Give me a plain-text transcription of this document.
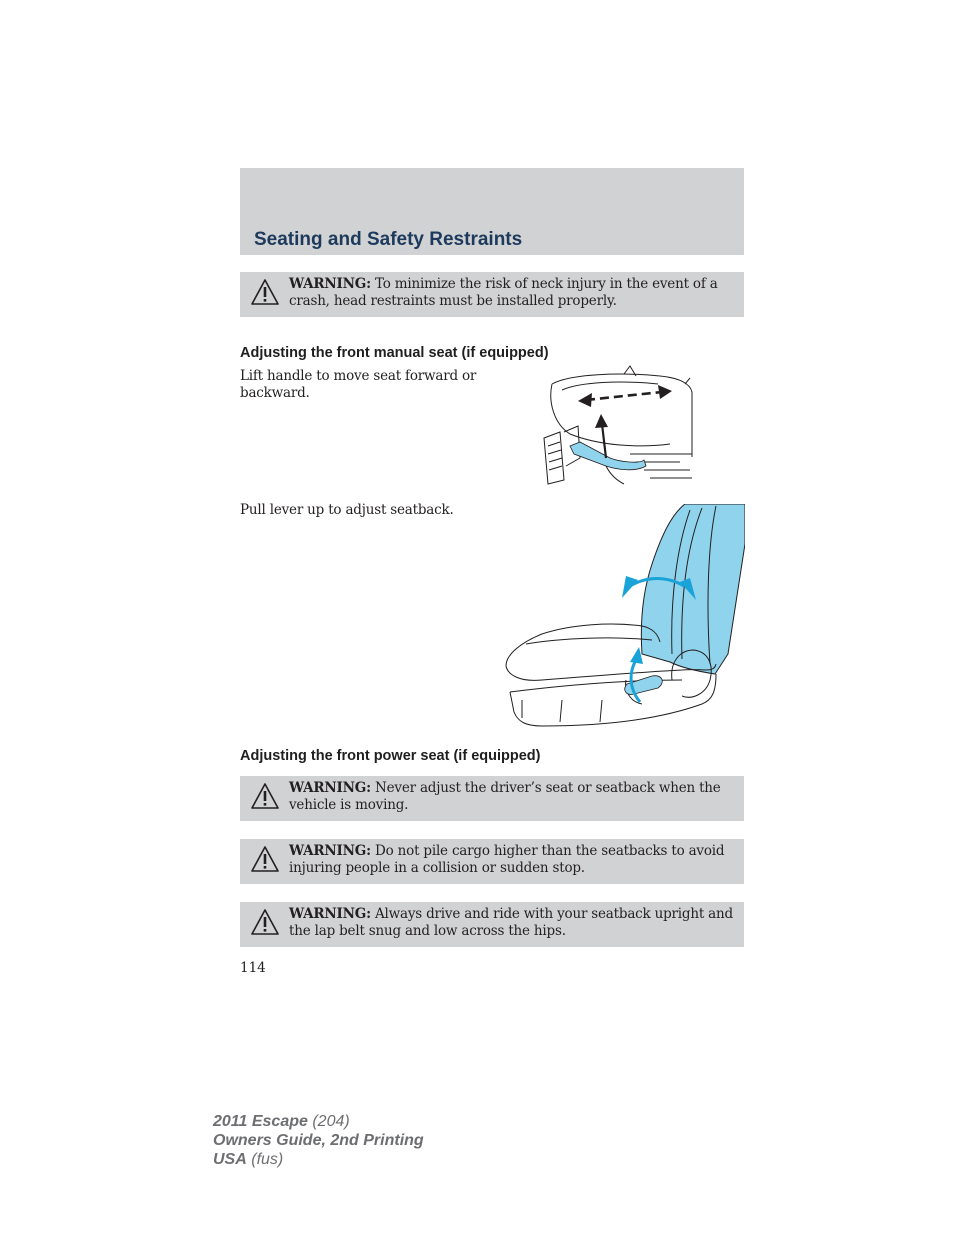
Seating and Safety Restraints
WARNING: To minimize the risk of neck injury in the event of a crash, head restraints must be installed properly.
Adjusting the front manual seat (if equipped)

Lift handle to move seat forward or backward.

Pull lever up to adjust seatback.

Adjusting the front power seat (if equipped)
WARNING: Never adjust the driver’s seat or seatback when the vehicle is moving.
WARNING: Do not pile cargo higher than the seatbacks to avoid injuring people in a collision or sudden stop.
WARNING: Always drive and ride with your seatback upright and the lap belt snug and low across the hips.
114
2011 Escape (204)
Owners Guide, 2nd Printing
USA (fus)
